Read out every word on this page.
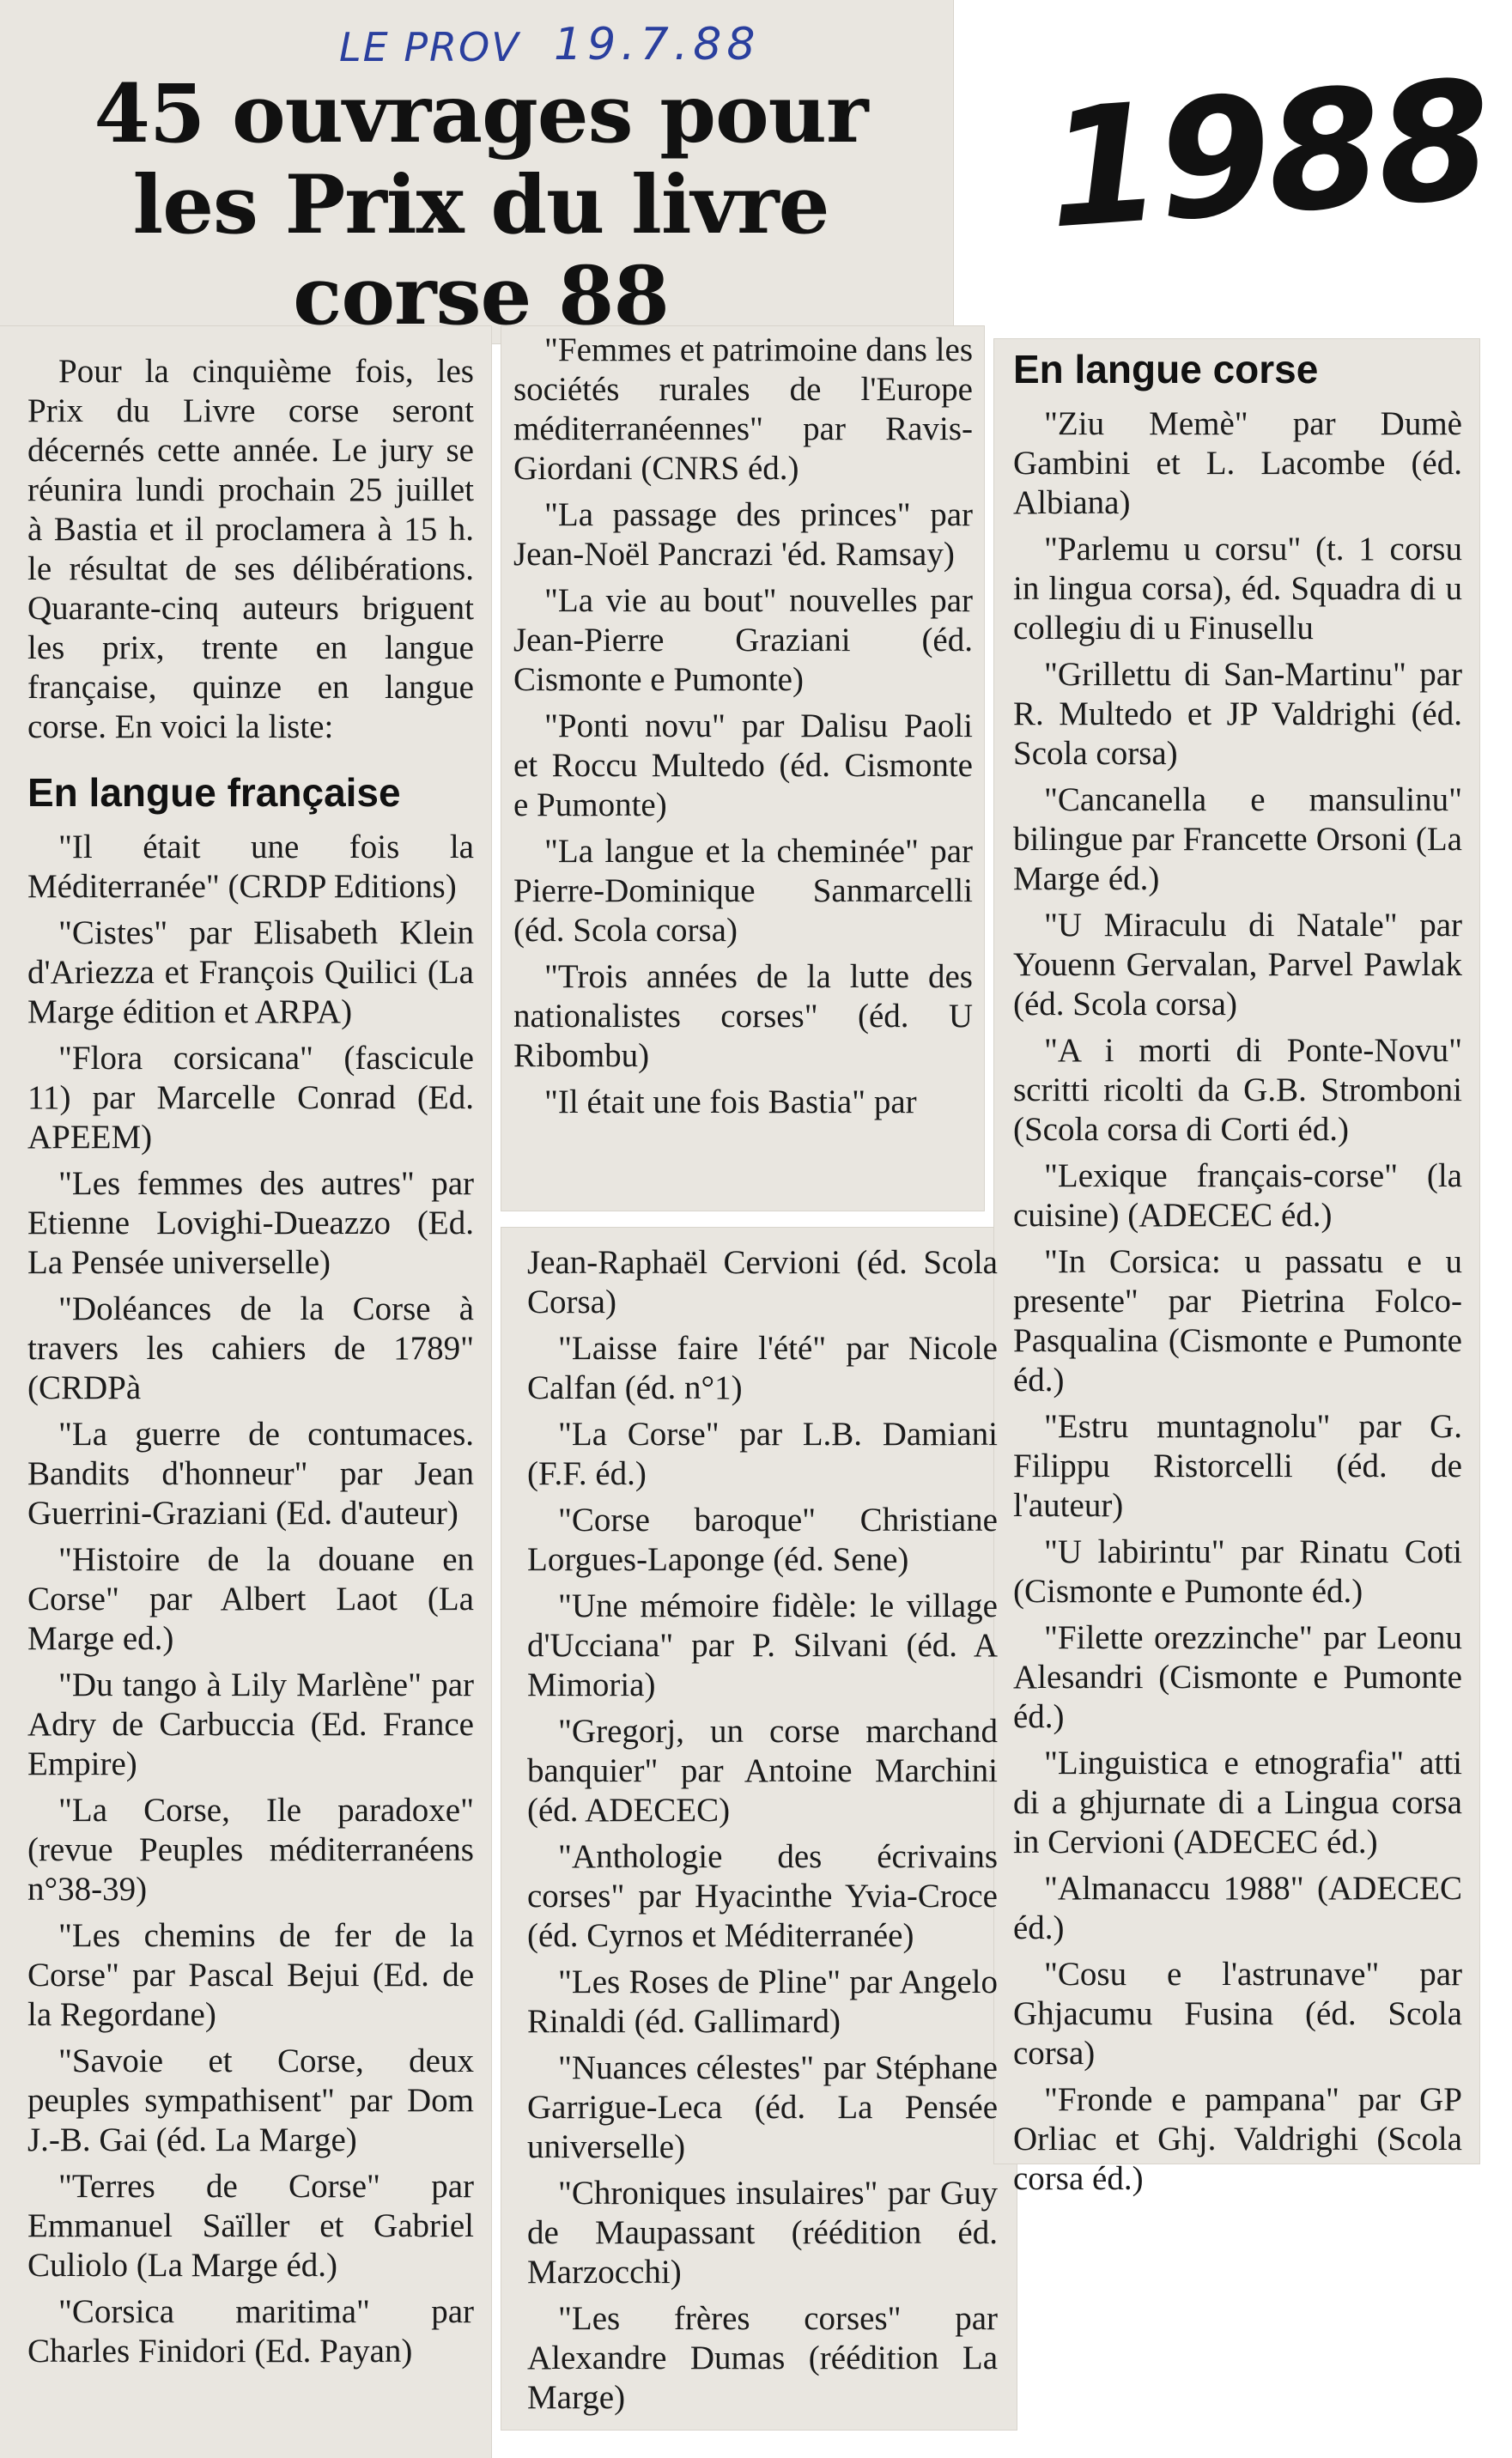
LE PROV 19.7.88
1988
45 ouvrages pour
les Prix du livre
corse 88

Pour la cinquième fois, les Prix du Livre corse seront décernés cette année. Le jury se réunira lundi prochain 25 juillet à Bastia et il proclamera à 15 h. le résultat de ses délibérations. Quarante-cinq auteurs briguent les prix, trente en langue française, quinze en langue corse. En voici la liste:

En langue française

"Il était une fois la Méditerranée" (CRDP Editions)

"Cistes" par Elisabeth Klein d'Ariezza et François Quilici (La Marge édition et ARPA)

"Flora corsicana" (fascicule 11) par Marcelle Conrad (Ed. APEEM)

"Les femmes des autres" par Etienne Lovighi-Dueazzo (Ed. La Pensée universelle)

"Doléances de la Corse à travers les cahiers de 1789" (CRDPà

"La guerre de contumaces. Bandits d'honneur" par Jean Guerrini-Graziani (Ed. d'auteur)

"Histoire de la douane en Corse" par Albert Laot (La Marge ed.)

"Du tango à Lily Marlène" par Adry de Carbuccia (Ed. France Empire)

"La Corse, Ile paradoxe" (revue Peuples méditerranéens n°38-39)

"Les chemins de fer de la Corse" par Pascal Bejui (Ed. de la Regordane)

"Savoie et Corse, deux peuples sympathisent" par Dom J.-B. Gai (éd. La Marge)

"Terres de Corse" par Emmanuel Saïller et Gabriel Culiolo (La Marge éd.)

"Corsica maritima" par Charles Finidori (Ed. Payan)

"Femmes et patrimoine dans les sociétés rurales de l'Europe méditerranéennes" par Ravis-Giordani (CNRS éd.)

"La passage des princes" par Jean-Noël Pancrazi 'éd. Ramsay)

"La vie au bout" nouvelles par Jean-Pierre Graziani (éd. Cismonte e Pumonte)

"Ponti novu" par Dalisu Paoli et Roccu Multedo (éd. Cismonte e Pumonte)

"La langue et la cheminée" par Pierre-Dominique Sanmarcelli (éd. Scola corsa)

"Trois années de la lutte des nationalistes corses" (éd. U Ribombu)

"Il était une fois Bastia" par

Jean-Raphaël Cervioni (éd. Scola Corsa)

"Laisse faire l'été" par Nicole Calfan (éd. n°1)

"La Corse" par L.B. Damiani (F.F. éd.)

"Corse baroque" Christiane Lorgues-Laponge (éd. Sene)

"Une mémoire fidèle: le village d'Ucciana" par P. Silvani (éd. A Mimoria)

"Gregorj, un corse marchand banquier" par Antoine Marchini (éd. ADECEC)

"Anthologie des écrivains corses" par Hyacinthe Yvia-Croce (éd. Cyrnos et Méditerranée)

"Les Roses de Pline" par Angelo Rinaldi (éd. Gallimard)

"Nuances célestes" par Stéphane Garrigue-Leca (éd. La Pensée universelle)

"Chroniques insulaires" par Guy de Maupassant (réédition éd. Marzocchi)

"Les frères corses" par Alexandre Dumas (réédition La Marge)

En langue corse

"Ziu Memè" par Dumè Gambini et L. Lacombe (éd. Albiana)

"Parlemu u corsu" (t. 1 corsu in lingua corsa), éd. Squadra di u collegiu di u Finusellu

"Grillettu di San-Martinu" par R. Multedo et JP Valdrighi (éd. Scola corsa)

"Cancanella e mansulinu" bilingue par Francette Orsoni (La Marge éd.)

"U Miraculu di Natale" par Youenn Gervalan, Parvel Pawlak (éd. Scola corsa)

"A i morti di Ponte-Novu" scritti ricolti da G.B. Stromboni (Scola corsa di Corti éd.)

"Lexique français-corse" (la cuisine) (ADECEC éd.)

"In Corsica: u passatu e u presente" par Pietrina Folco-Pasqualina (Cismonte e Pumonte éd.)

"Estru muntagnolu" par G. Filippu Ristorcelli (éd. de l'auteur)

"U labirintu" par Rinatu Coti (Cismonte e Pumonte éd.)

"Filette orezzinche" par Leonu Alesandri (Cismonte e Pumonte éd.)

"Linguistica e etnografia" atti di a ghjurnate di a Lingua corsa in Cervioni (ADECEC éd.)

"Almanaccu 1988" (ADECEC éd.)

"Cosu e l'astrunave" par Ghjacumu Fusina (éd. Scola corsa)

"Fronde e pampana" par GP Orliac et Ghj. Valdrighi (Scola corsa éd.)
